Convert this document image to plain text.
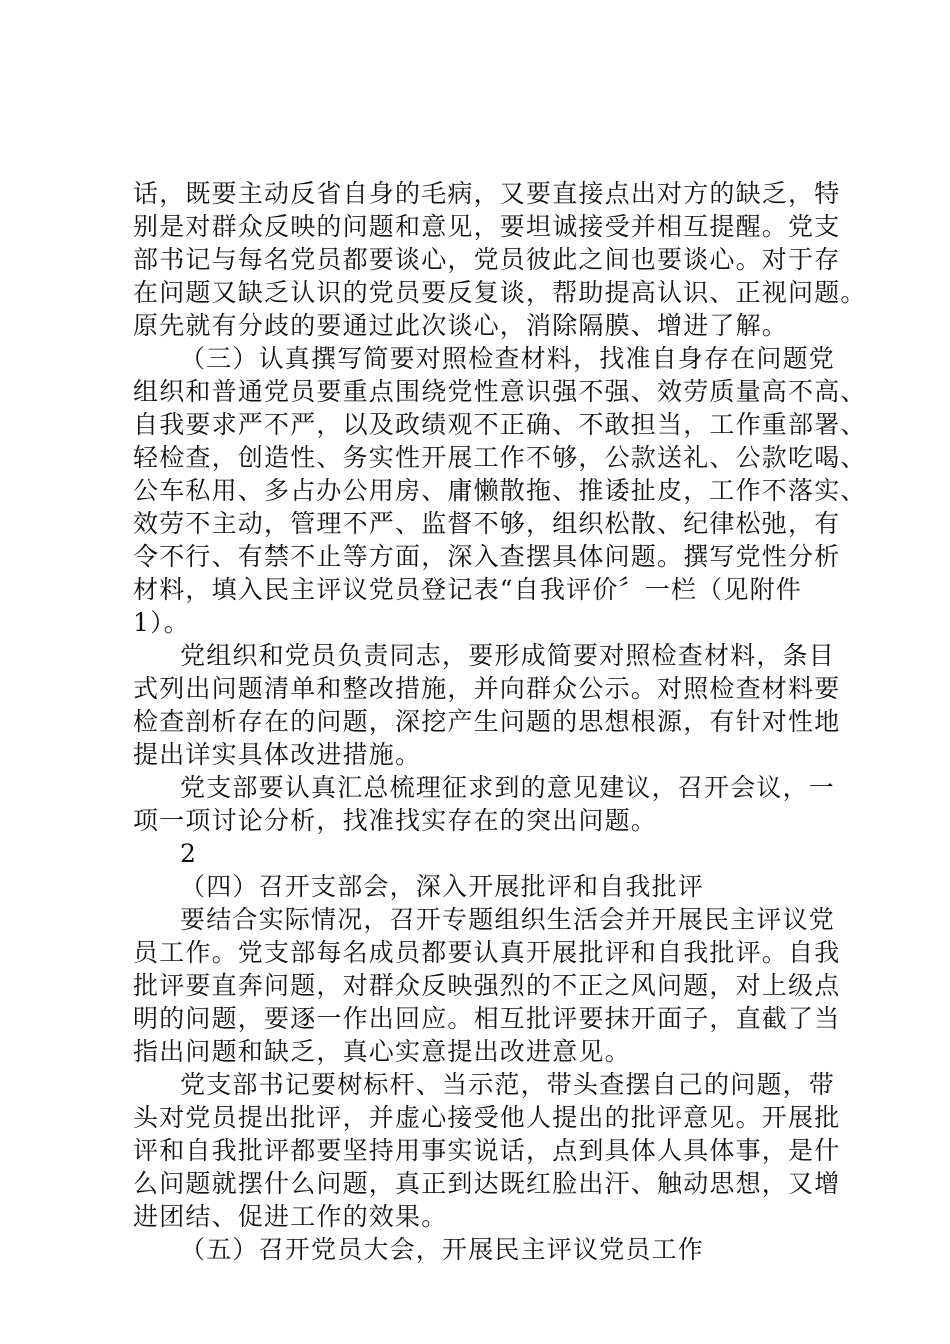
话，既要主动反省自身的毛病，又要直接点出对方的缺乏，特
别是对群众反映的问题和意见，要坦诚接受并相互提醒。党支
部书记与每名党员都要谈心，党员彼此之间也要谈心。对于存
在问题又缺乏认识的党员要反复谈，帮助提高认识、正视问题。
原先就有分歧的要通过此次谈心，消除隔膜、增进了解。
（三）认真撰写简要对照检查材料，找准自身存在问题党
组织和普通党员要重点围绕党性意识强不强、效劳质量高不高、
自我要求严不严，以及政绩观不正确、不敢担当，工作重部署、
轻检查，创造性、务实性开展工作不够，公款送礼、公款吃喝、
公车私用、多占办公用房、庸懒散拖、推诿扯皮，工作不落实、
效劳不主动，管理不严、监督不够，组织松散、纪律松弛，有
令不行、有禁不止等方面，深入查摆具体问题。撰写党性分析
材料，填入民主评议党员登记表“自我评价〞一栏（见附件
1）。
党组织和党员负责同志，要形成简要对照检查材料，条目
式列出问题清单和整改措施，并向群众公示。对照检查材料要
检查剖析存在的问题，深挖产生问题的思想根源，有针对性地
提出详实具体改进措施。
党支部要认真汇总梳理征求到的意见建议，召开会议，一
项一项讨论分析，找准找实存在的突出问题。
2
（四）召开支部会，深入开展批评和自我批评
要结合实际情况，召开专题组织生活会并开展民主评议党
员工作。党支部每名成员都要认真开展批评和自我批评。自我
批评要直奔问题，对群众反映强烈的不正之风问题，对上级点
明的问题，要逐一作出回应。相互批评要抹开面子，直截了当
指出问题和缺乏，真心实意提出改进意见。
党支部书记要树标杆、当示范，带头查摆自己的问题，带
头对党员提出批评，并虚心接受他人提出的批评意见。开展批
评和自我批评都要坚持用事实说话，点到具体人具体事，是什
么问题就摆什么问题，真正到达既红脸出汗、触动思想，又增
进团结、促进工作的效果。
（五）召开党员大会，开展民主评议党员工作
